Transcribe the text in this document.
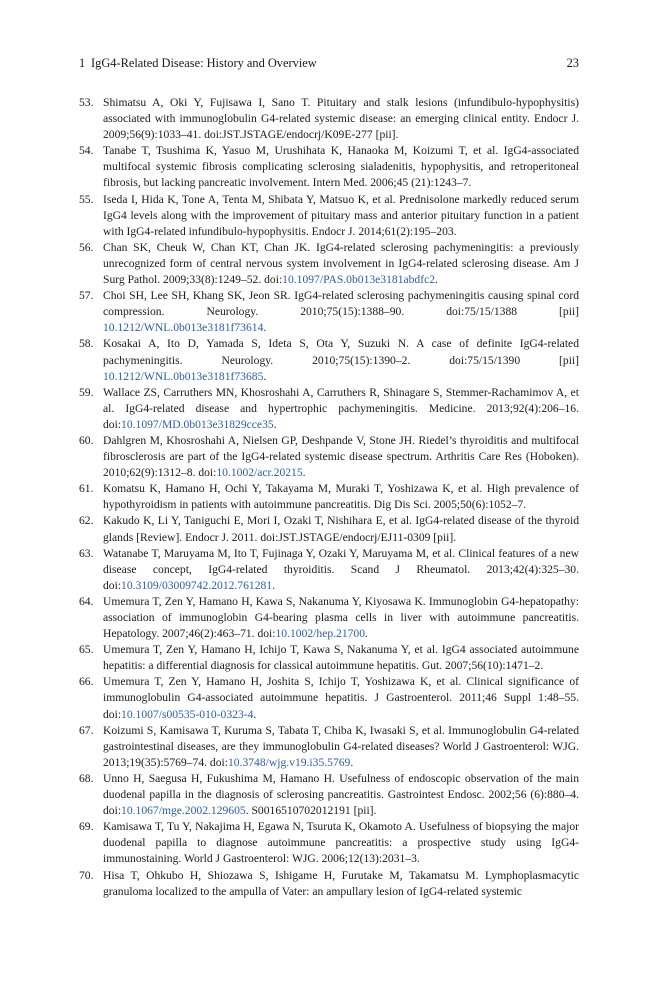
1 IgG4-Related Disease: History and Overview	23
53. Shimatsu A, Oki Y, Fujisawa I, Sano T. Pituitary and stalk lesions (infundibulo-hypophysitis) associated with immunoglobulin G4-related systemic disease: an emerging clinical entity. Endocr J. 2009;56(9):1033–41. doi:JST.JSTAGE/endocrj/K09E-277 [pii].
54. Tanabe T, Tsushima K, Yasuo M, Urushihata K, Hanaoka M, Koizumi T, et al. IgG4-associated multifocal systemic fibrosis complicating sclerosing sialadenitis, hypophysitis, and retroperitoneal fibrosis, but lacking pancreatic involvement. Intern Med. 2006;45 (21):1243–7.
55. Iseda I, Hida K, Tone A, Tenta M, Shibata Y, Matsuo K, et al. Prednisolone markedly reduced serum IgG4 levels along with the improvement of pituitary mass and anterior pituitary function in a patient with IgG4-related infundibulo-hypophysitis. Endocr J. 2014;61(2):195–203.
56. Chan SK, Cheuk W, Chan KT, Chan JK. IgG4-related sclerosing pachymeningitis: a previously unrecognized form of central nervous system involvement in IgG4-related sclerosing disease. Am J Surg Pathol. 2009;33(8):1249–52. doi:10.1097/PAS.0b013e3181abdfc2.
57. Choi SH, Lee SH, Khang SK, Jeon SR. IgG4-related sclerosing pachymeningitis causing spinal cord compression. Neurology. 2010;75(15):1388–90. doi:75/15/1388 [pii] 10.1212/WNL.0b013e3181f73614.
58. Kosakai A, Ito D, Yamada S, Ideta S, Ota Y, Suzuki N. A case of definite IgG4-related pachymeningitis. Neurology. 2010;75(15):1390–2. doi:75/15/1390 [pii] 10.1212/WNL.0b013e3181f73685.
59. Wallace ZS, Carruthers MN, Khosroshahi A, Carruthers R, Shinagare S, Stemmer-Rachamimov A, et al. IgG4-related disease and hypertrophic pachymeningitis. Medicine. 2013;92(4):206–16. doi:10.1097/MD.0b013e31829cce35.
60. Dahlgren M, Khosroshahi A, Nielsen GP, Deshpande V, Stone JH. Riedel’s thyroiditis and multifocal fibrosclerosis are part of the IgG4-related systemic disease spectrum. Arthritis Care Res (Hoboken). 2010;62(9):1312–8. doi:10.1002/acr.20215.
61. Komatsu K, Hamano H, Ochi Y, Takayama M, Muraki T, Yoshizawa K, et al. High prevalence of hypothyroidism in patients with autoimmune pancreatitis. Dig Dis Sci. 2005;50(6):1052–7.
62. Kakudo K, Li Y, Taniguchi E, Mori I, Ozaki T, Nishihara E, et al. IgG4-related disease of the thyroid glands [Review]. Endocr J. 2011. doi:JST.JSTAGE/endocrj/EJ11-0309 [pii].
63. Watanabe T, Maruyama M, Ito T, Fujinaga Y, Ozaki Y, Maruyama M, et al. Clinical features of a new disease concept, IgG4-related thyroiditis. Scand J Rheumatol. 2013;42(4):325–30. doi:10.3109/03009742.2012.761281.
64. Umemura T, Zen Y, Hamano H, Kawa S, Nakanuma Y, Kiyosawa K. Immunoglobin G4-hepatopathy: association of immunoglobin G4-bearing plasma cells in liver with autoimmune pancreatitis. Hepatology. 2007;46(2):463–71. doi:10.1002/hep.21700.
65. Umemura T, Zen Y, Hamano H, Ichijo T, Kawa S, Nakanuma Y, et al. IgG4 associated autoimmune hepatitis: a differential diagnosis for classical autoimmune hepatitis. Gut. 2007;56(10):1471–2.
66. Umemura T, Zen Y, Hamano H, Joshita S, Ichijo T, Yoshizawa K, et al. Clinical significance of immunoglobulin G4-associated autoimmune hepatitis. J Gastroenterol. 2011;46 Suppl 1:48–55. doi:10.1007/s00535-010-0323-4.
67. Koizumi S, Kamisawa T, Kuruma S, Tabata T, Chiba K, Iwasaki S, et al. Immunoglobulin G4-related gastrointestinal diseases, are they immunoglobulin G4-related diseases? World J Gastroenterol: WJG. 2013;19(35):5769–74. doi:10.3748/wjg.v19.i35.5769.
68. Unno H, Saegusa H, Fukushima M, Hamano H. Usefulness of endoscopic observation of the main duodenal papilla in the diagnosis of sclerosing pancreatitis. Gastrointest Endosc. 2002;56 (6):880–4. doi:10.1067/mge.2002.129605. S0016510702012191 [pii].
69. Kamisawa T, Tu Y, Nakajima H, Egawa N, Tsuruta K, Okamoto A. Usefulness of biopsying the major duodenal papilla to diagnose autoimmune pancreatitis: a prospective study using IgG4-immunostaining. World J Gastroenterol: WJG. 2006;12(13):2031–3.
70. Hisa T, Ohkubo H, Shiozawa S, Ishigame H, Furutake M, Takamatsu M. Lymphoplasmacytic granuloma localized to the ampulla of Vater: an ampullary lesion of IgG4-related systemic
